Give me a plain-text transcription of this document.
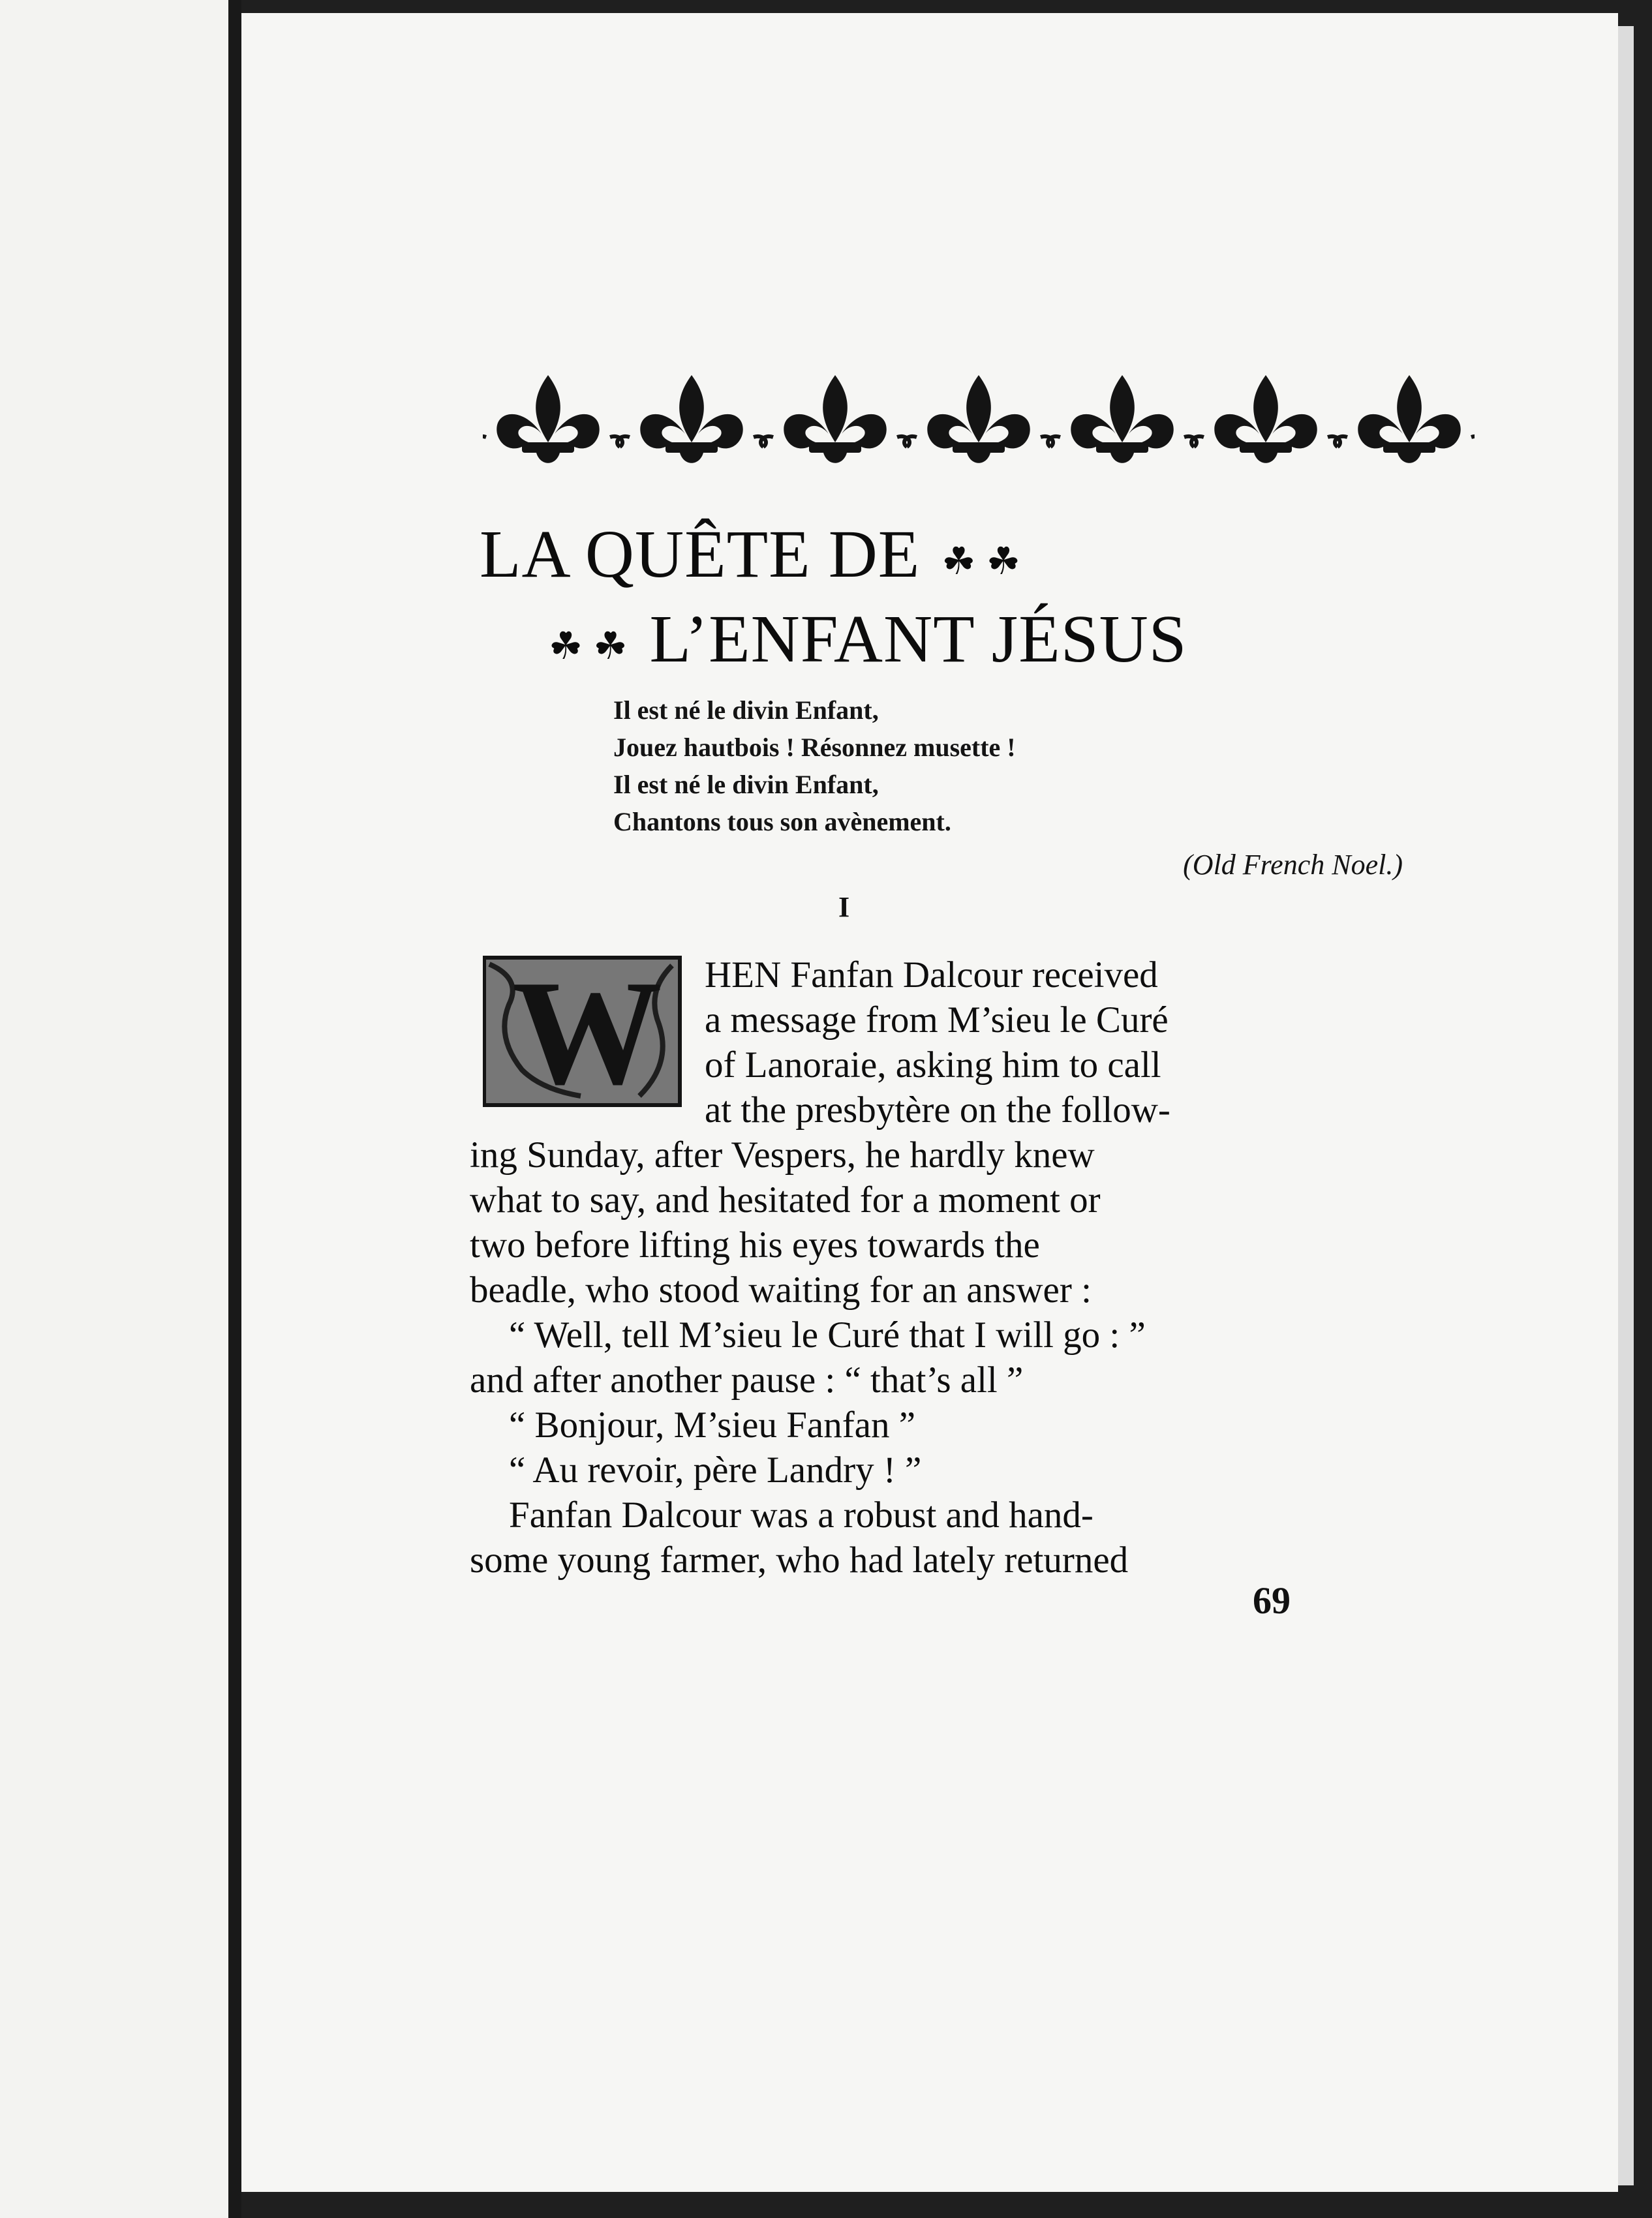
LA QUÊTE DE ☘ ☘
☘ ☘ L’ENFANT JÉSUS
Il est né le divin Enfant,
Jouez hautbois ! Résonnez musette !
Il est né le divin Enfant,
Chantons tous son avènement.
(Old French Noel.)
I
W	HEN Fanfan Dalcour received
a message from M’sieu le Curé
of Lanoraie, asking him to call
at the presbytère on the follow-
ing Sunday, after Vespers, he hardly knew
what to say, and hesitated for a moment or
two before lifting his eyes towards the
beadle, who stood waiting for an answer :
“ Well, tell M’sieu le Curé that I will go : ”
and after another pause : “ that’s all ”
“ Bonjour, M’sieu Fanfan ”
“ Au revoir, père Landry ! ”
Fanfan Dalcour was a robust and hand-
some young farmer, who had lately returned
69
